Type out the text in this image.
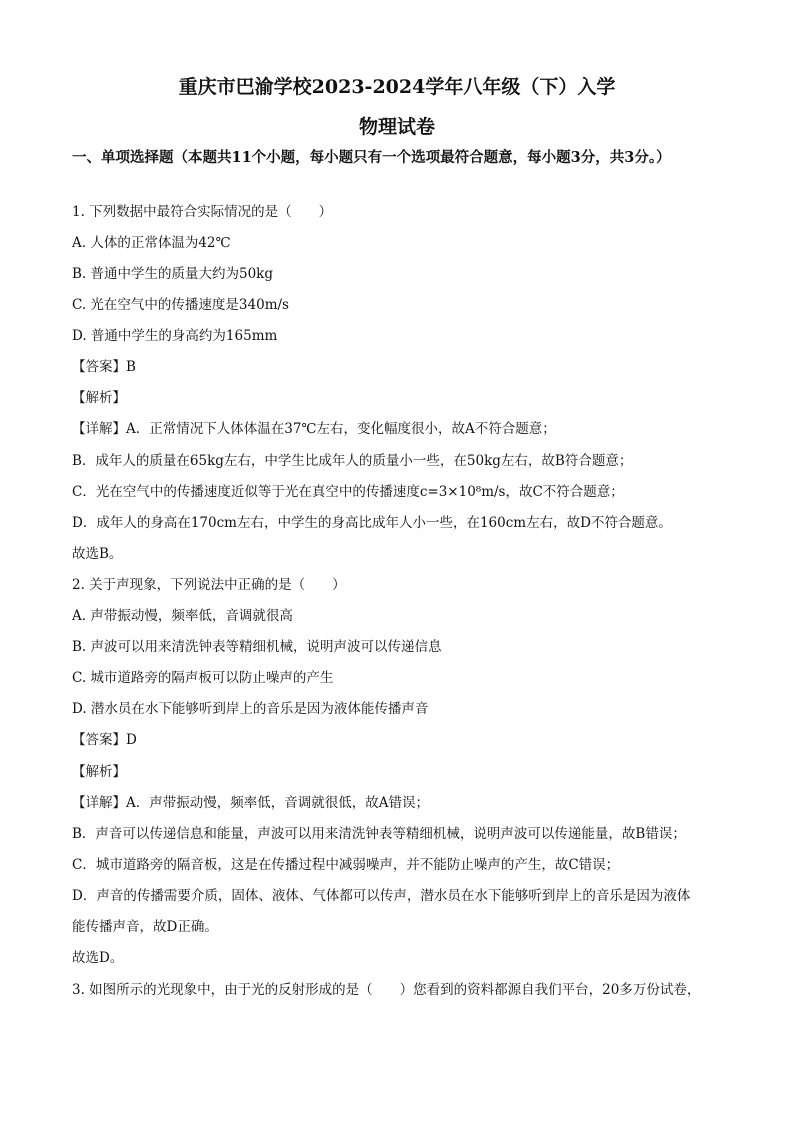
重庆市巴渝学校2023-2024学年八年级（下）入学
物理试卷
一、单项选择题（本题共11个小题，每小题只有一个选项最符合题意，每小题3分，共3分。）
1. 下列数据中最符合实际情况的是（　　）
A. 人体的正常体温为42℃
B. 普通中学生的质量大约为50kg
C. 光在空气中的传播速度是340m/s
D. 普通中学生的身高约为165mm
【答案】B
【解析】
【详解】A．正常情况下人体体温在37℃左右，变化幅度很小，故A不符合题意；
B．成年人的质量在65kg左右，中学生比成年人的质量小一些，在50kg左右，故B符合题意；
C．光在空气中的传播速度近似等于光在真空中的传播速度c=3×10⁸m/s，故C不符合题意；
D．成年人的身高在170cm左右，中学生的身高比成年人小一些，在160cm左右，故D不符合题意。
故选B。
2. 关于声现象，下列说法中正确的是（　　）
A. 声带振动慢，频率低，音调就很高
B. 声波可以用来清洗钟表等精细机械，说明声波可以传递信息
C. 城市道路旁的隔声板可以防止噪声的产生
D. 潜水员在水下能够听到岸上的音乐是因为液体能传播声音
【答案】D
【解析】
【详解】A．声带振动慢，频率低，音调就很低，故A错误；
B．声音可以传递信息和能量，声波可以用来清洗钟表等精细机械，说明声波可以传递能量，故B错误；
C．城市道路旁的隔音板，这是在传播过程中减弱噪声，并不能防止噪声的产生，故C错误；
D．声音的传播需要介质，固体、液体、气体都可以传声，潜水员在水下能够听到岸上的音乐是因为液体
能传播声音，故D正确。
故选D。
3. 如图所示的光现象中，由于光的反射形成的是（　　）您看到的资料都源自我们平台，20多万份试卷，
